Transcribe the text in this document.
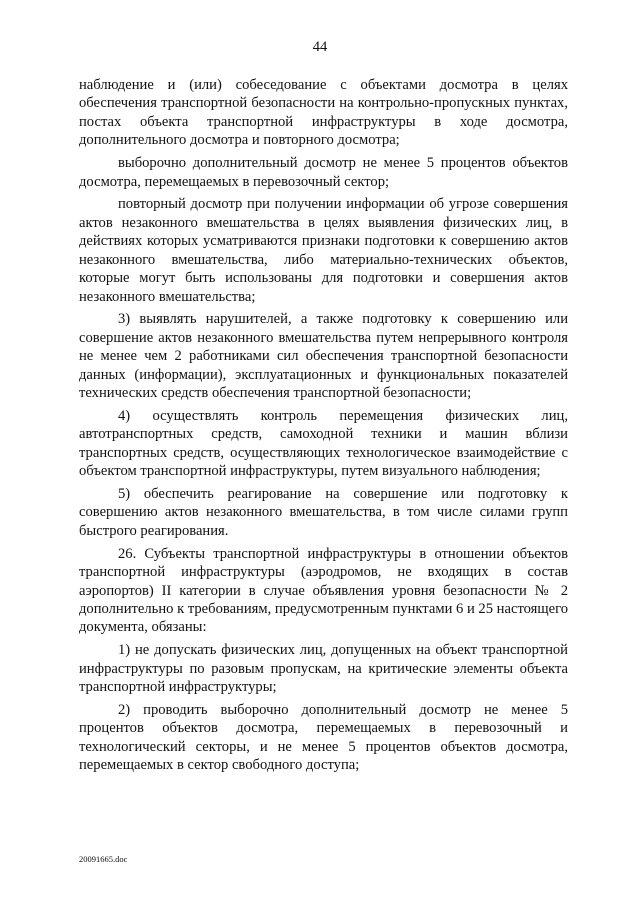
44

наблюдение и (или) собеседование с объектами досмотра в целях обеспечения транспортной безопасности на контрольно-пропускных пунктах, постах объекта транспортной инфраструктуры в ходе досмотра, дополнительного досмотра и повторного досмотра;

выборочно дополнительный досмотр не менее 5 процентов объектов досмотра, перемещаемых в перевозочный сектор;

повторный досмотр при получении информации об угрозе совершения актов незаконного вмешательства в целях выявления физических лиц, в действиях которых усматриваются признаки подготовки к совершению актов незаконного вмешательства, либо материально-технических объектов, которые могут быть использованы для подготовки и совершения актов незаконного вмешательства;

3) выявлять нарушителей, а также подготовку к совершению или совершение актов незаконного вмешательства путем непрерывного контроля не менее чем 2 работниками сил обеспечения транспортной безопасности данных (информации), эксплуатационных и функциональных показателей технических средств обеспечения транспортной безопасности;

4) осуществлять контроль перемещения физических лиц, автотранспортных средств, самоходной техники и машин вблизи транспортных средств, осуществляющих технологическое взаимодействие с объектом транспортной инфраструктуры, путем визуального наблюдения;

5) обеспечить реагирование на совершение или подготовку к совершению актов незаконного вмешательства, в том числе силами групп быстрого реагирования.

26. Субъекты транспортной инфраструктуры в отношении объектов транспортной инфраструктуры (аэродромов, не входящих в состав аэропортов) II категории в случае объявления уровня безопасности № 2 дополнительно к требованиям, предусмотренным пунктами 6 и 25 настоящего документа, обязаны:

1) не допускать физических лиц, допущенных на объект транспортной инфраструктуры по разовым пропускам, на критические элементы объекта транспортной инфраструктуры;

2) проводить выборочно дополнительный досмотр не менее 5 процентов объектов досмотра, перемещаемых в перевозочный и технологический секторы, и не менее 5 процентов объектов досмотра, перемещаемых в сектор свободного доступа;

20091665.doc
